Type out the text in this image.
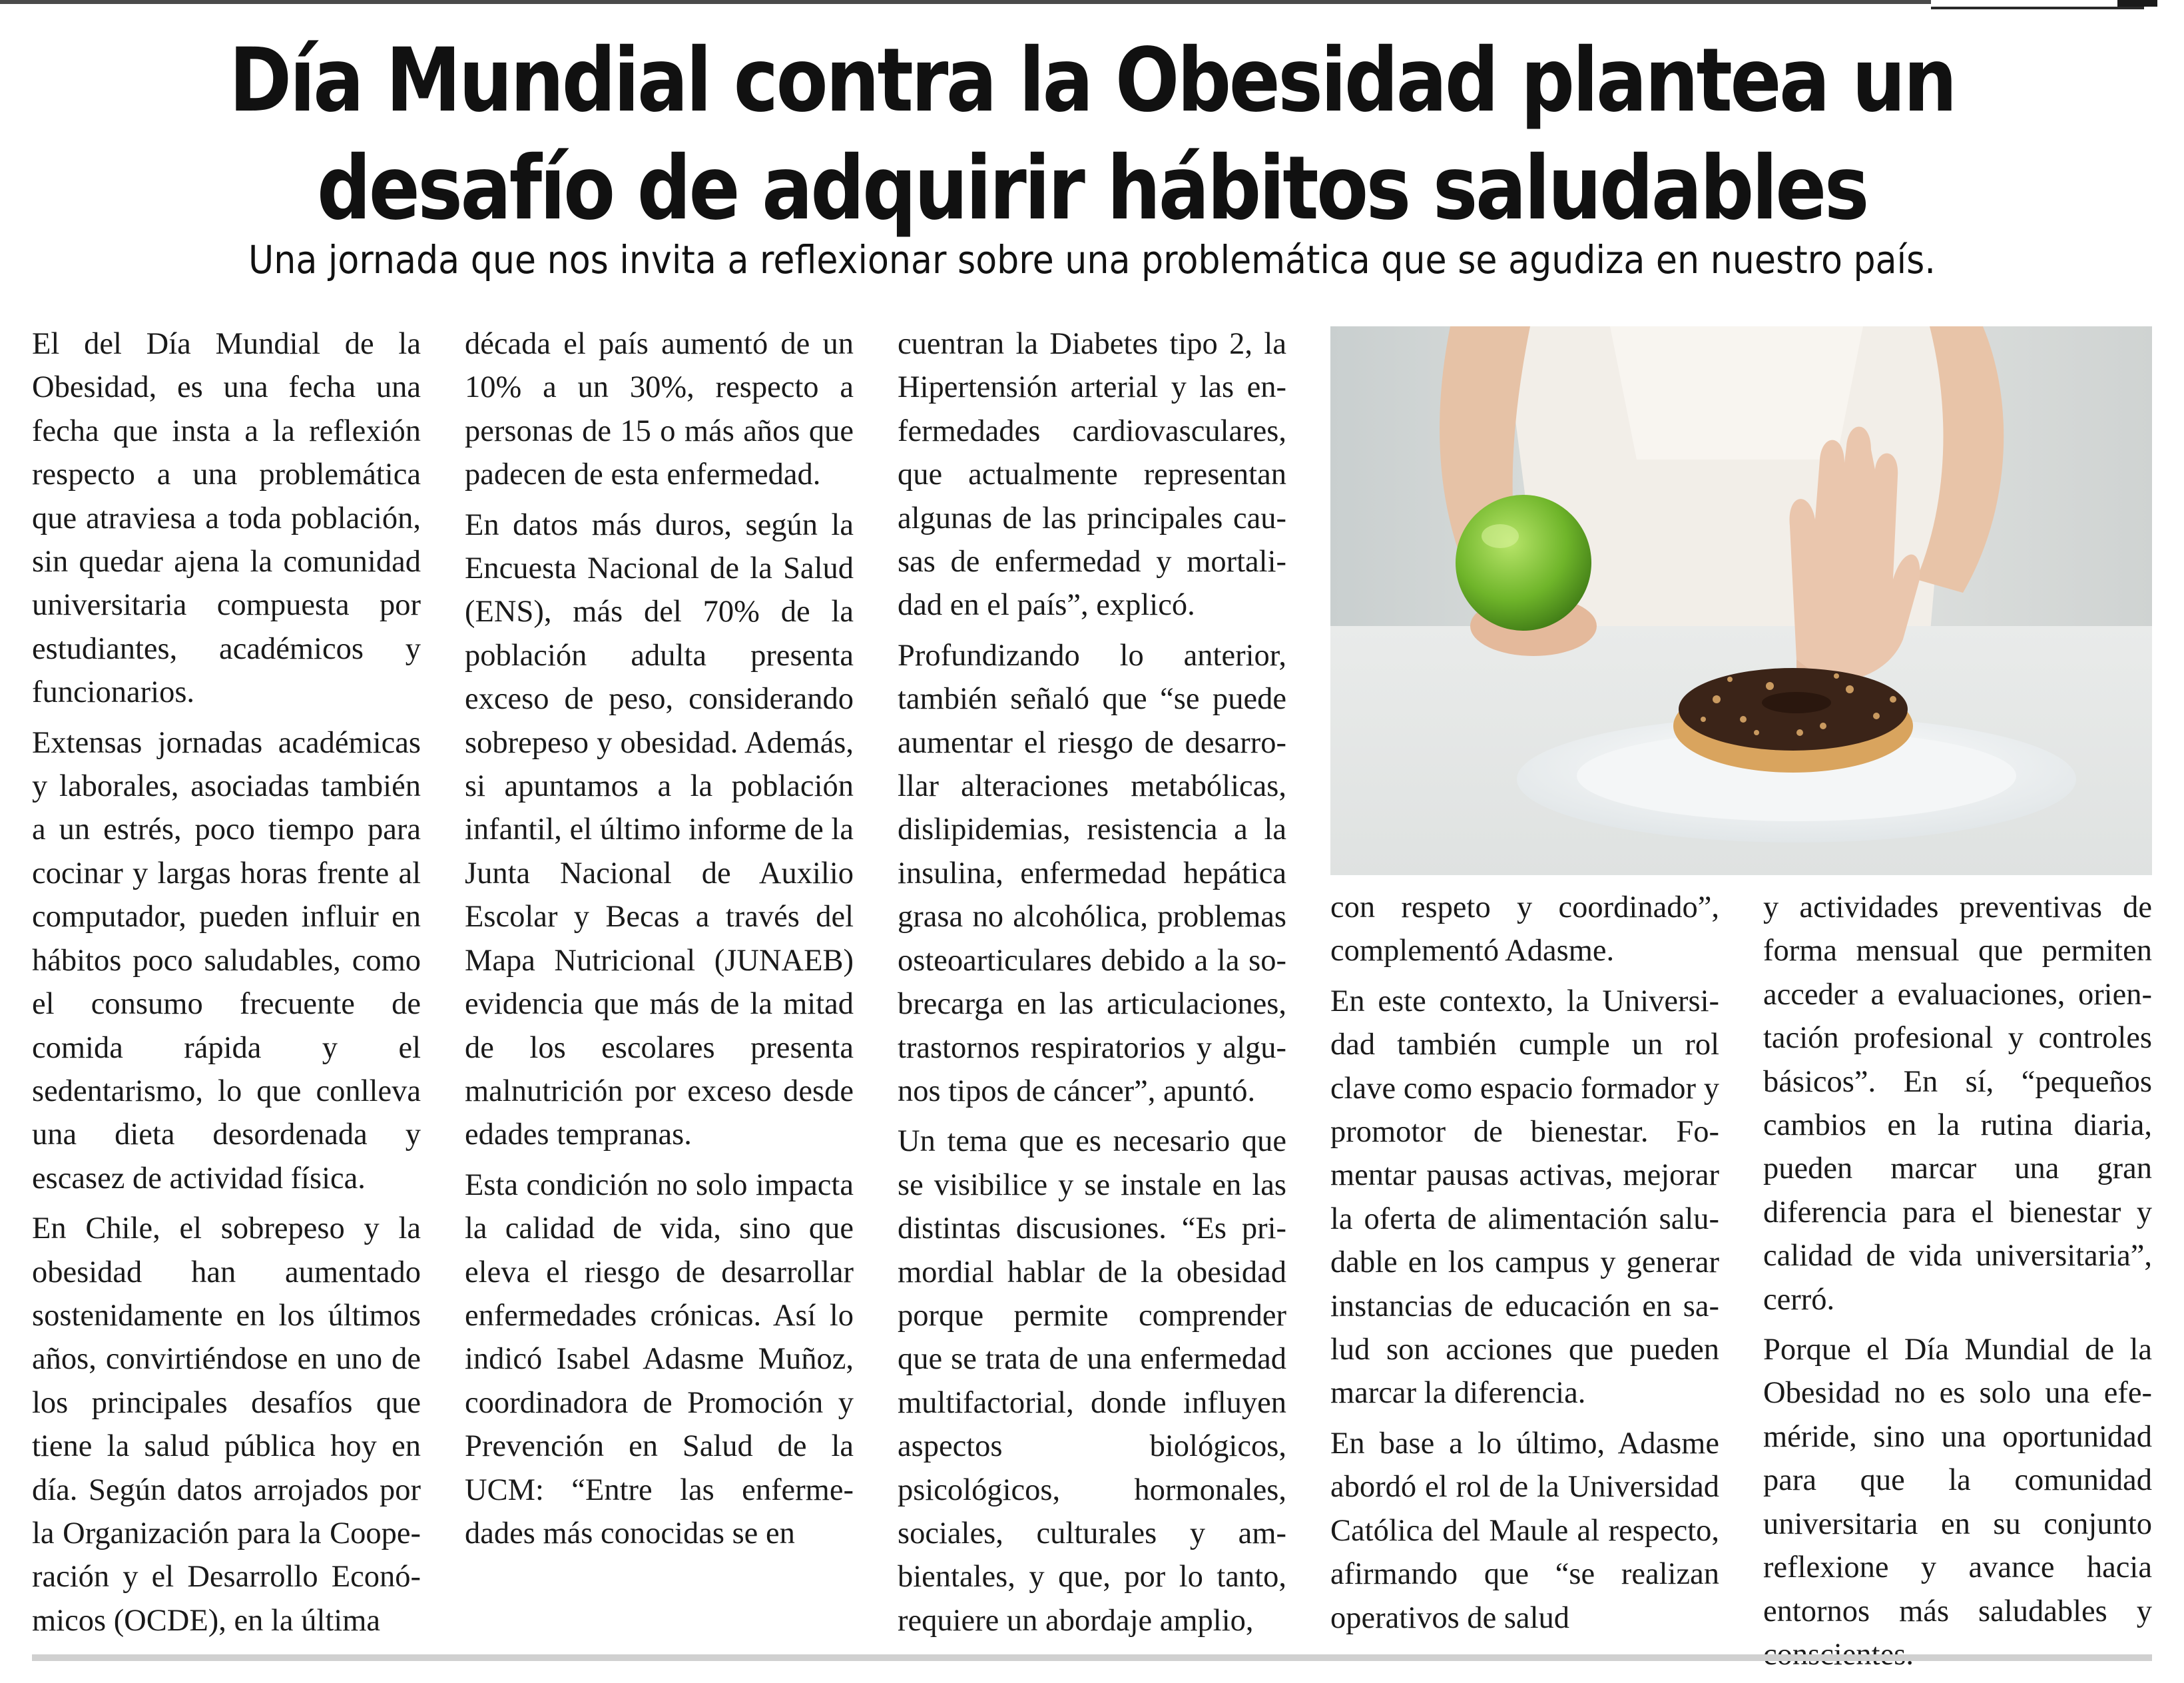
Día Mundial contra la Obesidad plantea un desafío de adquirir hábitos saludables
Una jornada que nos invita a reflexionar sobre una problemática que se agudiza en nuestro país.

El del Día Mundial de la Obesidad, es una fecha una fecha que insta a la reflexión respecto a una problemática que atraviesa a toda población, sin quedar ajena la comunidad universitaria compuesta por estudiantes, académicos y funcionarios.

Extensas jornadas académicas y laborales, asociadas también a un estrés, poco tiempo para cocinar y largas horas frente al computador, pueden influir en hábitos poco saludables, como el consumo frecuente de comida rápida y el sedentarismo, lo que conlleva una dieta desordenada y escasez de actividad física.

En Chile, el sobrepeso y la obesidad han aumentado sostenidamente en los últimos años, convirtiéndose en uno de los principales desafíos que tiene la salud pública hoy en día. Según datos arrojados por la Organización para la Cooperación y el Desarrollo Económicos (OCDE), en la última

década el país aumentó de un 10% a un 30%, respecto a personas de 15 o más años que padecen de esta enfermedad.

En datos más duros, según la Encuesta Nacional de la Salud (ENS), más del 70% de la población adulta presenta exceso de peso, considerando sobrepeso y obesidad. Además, si apuntamos a la población infantil, el último informe de la Junta Nacional de Auxilio Escolar y Becas a través del Mapa Nutricional (JUNAEB) evidencia que más de la mitad de los escolares presenta malnutrición por exceso desde edades tempranas.

Esta condición no solo impacta la calidad de vida, sino que eleva el riesgo de desarrollar enfermedades crónicas. Así lo indicó Isabel Adasme Muñoz, coordinadora de Promoción y Prevención en Salud de la UCM: “Entre las enfermedades más conocidas se en

cuentran la Diabetes tipo 2, la Hipertensión arterial y las enfermedades cardiovasculares, que actualmente representan algunas de las principales causas de enfermedad y mortalidad en el país”, explicó.

Profundizando lo anterior, también señaló que “se puede aumentar el riesgo de desarrollar alteraciones metabólicas, dislipidemias, resistencia a la insulina, enfermedad hepática grasa no alcohólica, problemas osteoarticulares debido a la sobrecarga en las articulaciones, trastornos respiratorios y algunos tipos de cáncer”, apuntó.

Un tema que es necesario que se visibilice y se instale en las distintas discusiones. “Es primordial hablar de la obesidad porque permite comprender que se trata de una enfermedad multifactorial, donde influyen aspectos biológicos, psicológicos, hormonales, sociales, culturales y ambientales, y que, por lo tanto, requiere un abordaje amplio,

con respeto y coordinado”, complementó Adasme.

En este contexto, la Universidad también cumple un rol clave como espacio formador y promotor de bienestar. Fomentar pausas activas, mejorar la oferta de alimentación saludable en los campus y generar instancias de educación en salud son acciones que pueden marcar la diferencia.

En base a lo último, Adasme abordó el rol de la Universidad Católica del Maule al respecto, afirmando que “se realizan operativos de salud

y actividades preventivas de forma mensual que permiten acceder a evaluaciones, orientación profesional y controles básicos”. En sí, “pequeños cambios en la rutina diaria, pueden marcar una gran diferencia para el bienestar y calidad de vida universitaria”, cerró.

Porque el Día Mundial de la Obesidad no es solo una efeméride, sino una oportunidad para que la comunidad universitaria en su conjunto reflexione y avance hacia entornos más saludables y
